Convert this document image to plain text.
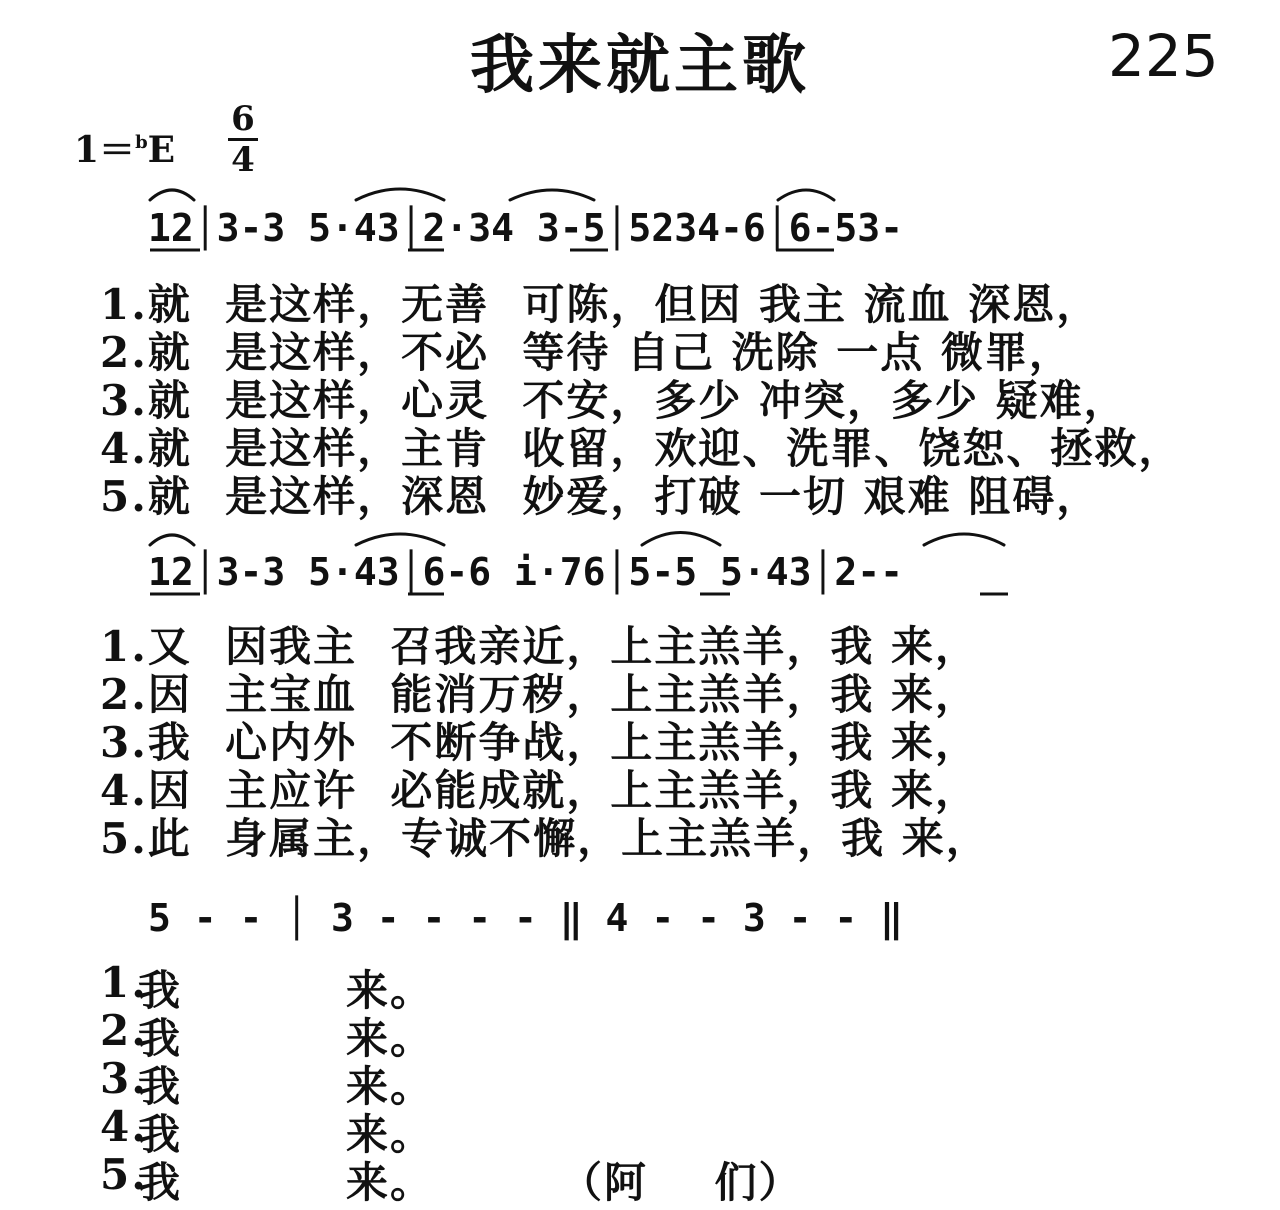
我来就主歌	225
1＝$^b$E
6
4
12│3-3 5·43│2·34 3-5│5234-6│6-53-
1.就  是这样，无善  可陈，但因 我主 流血 深恩，
2.就  是这样，不必  等待 自己 洗除 一点 微罪，
3.就  是这样，心灵  不安，多少 冲突，多少 疑难，
4.就  是这样，主肯  收留，欢迎、洗罪、饶恕、拯救，
5.就  是这样，深恩  妙爱，打破 一切 艰难 阻碍，
12│3-3 5·43│6-6 i·76│5-5 5·43│2--
1.又  因我主  召我亲近，上主羔羊，我 来，
2.因  主宝血  能消万秽，上主羔羊，我 来，
3.我  心内外  不断争战，上主羔羊，我 来，
4.因  主应许  必能成就，上主羔羊，我 来，
5.此  身属主，专诚不懈，上主羔羊，我 来，
5 - - │ 3 - - - - ‖ 4 - - 3 - - ‖
1.
我	来。
2.
我	来。
3.
我	来。
4.
我	来。
5.
我	来。	（阿    们）
